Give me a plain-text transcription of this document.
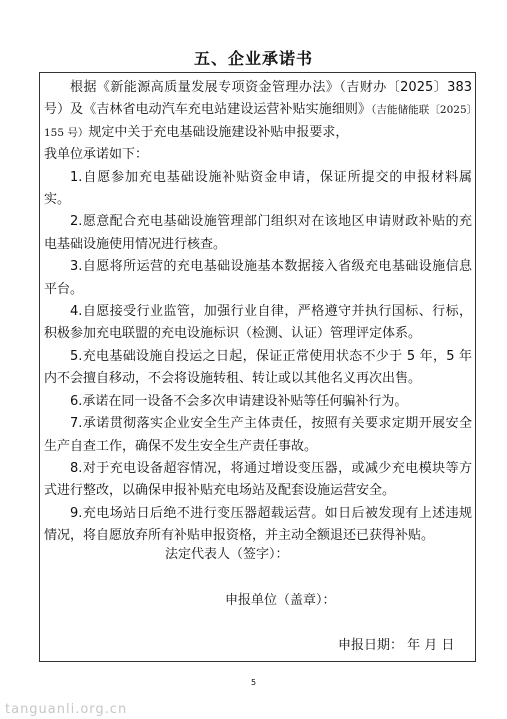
五、企业承诺书

根据《新能源高质量发展专项资金管理办法》（吉财办〔2025〕383号）及《吉林省电动汽车充电站建设运营补贴实施细则》（吉能储能联〔2025〕155 号）规定中关于充电基础设施建设补贴申报要求，

我单位承诺如下：

1.自愿参加充电基础设施补贴资金申请，保证所提交的申报材料属实。

2.愿意配合充电基础设施管理部门组织对在该地区申请财政补贴的充电基础设施使用情况进行核查。

3.自愿将所运营的充电基础设施基本数据接入省级充电基础设施信息平台。

4.自愿接受行业监管，加强行业自律，严格遵守并执行国标、行标，积极参加充电联盟的充电设施标识（检测、认证）管理评定体系。

5.充电基础设施自投运之日起，保证正常使用状态不少于 5 年，5 年内不会擅自移动，不会将设施转租、转让或以其他名义再次出售。

6.承诺在同一设备不会多次申请建设补贴等任何骗补行为。

7.承诺贯彻落实企业安全生产主体责任，按照有关要求定期开展安全生产自查工作，确保不发生安全生产责任事故。

8.对于充电设备超容情况，将通过增设变压器，或减少充电模块等方式进行整改，以确保申报补贴充电场站及配套设施运营安全。

9.充电场站日后绝不进行变压器超载运营。如日后被发现有上述违规情况，将自愿放弃所有补贴申报资格，并主动全额退还已获得补贴。

法定代表人（签字）：
申报单位（盖章）：
申报日期： 年 月 日
5
tanguanli.org.cn
